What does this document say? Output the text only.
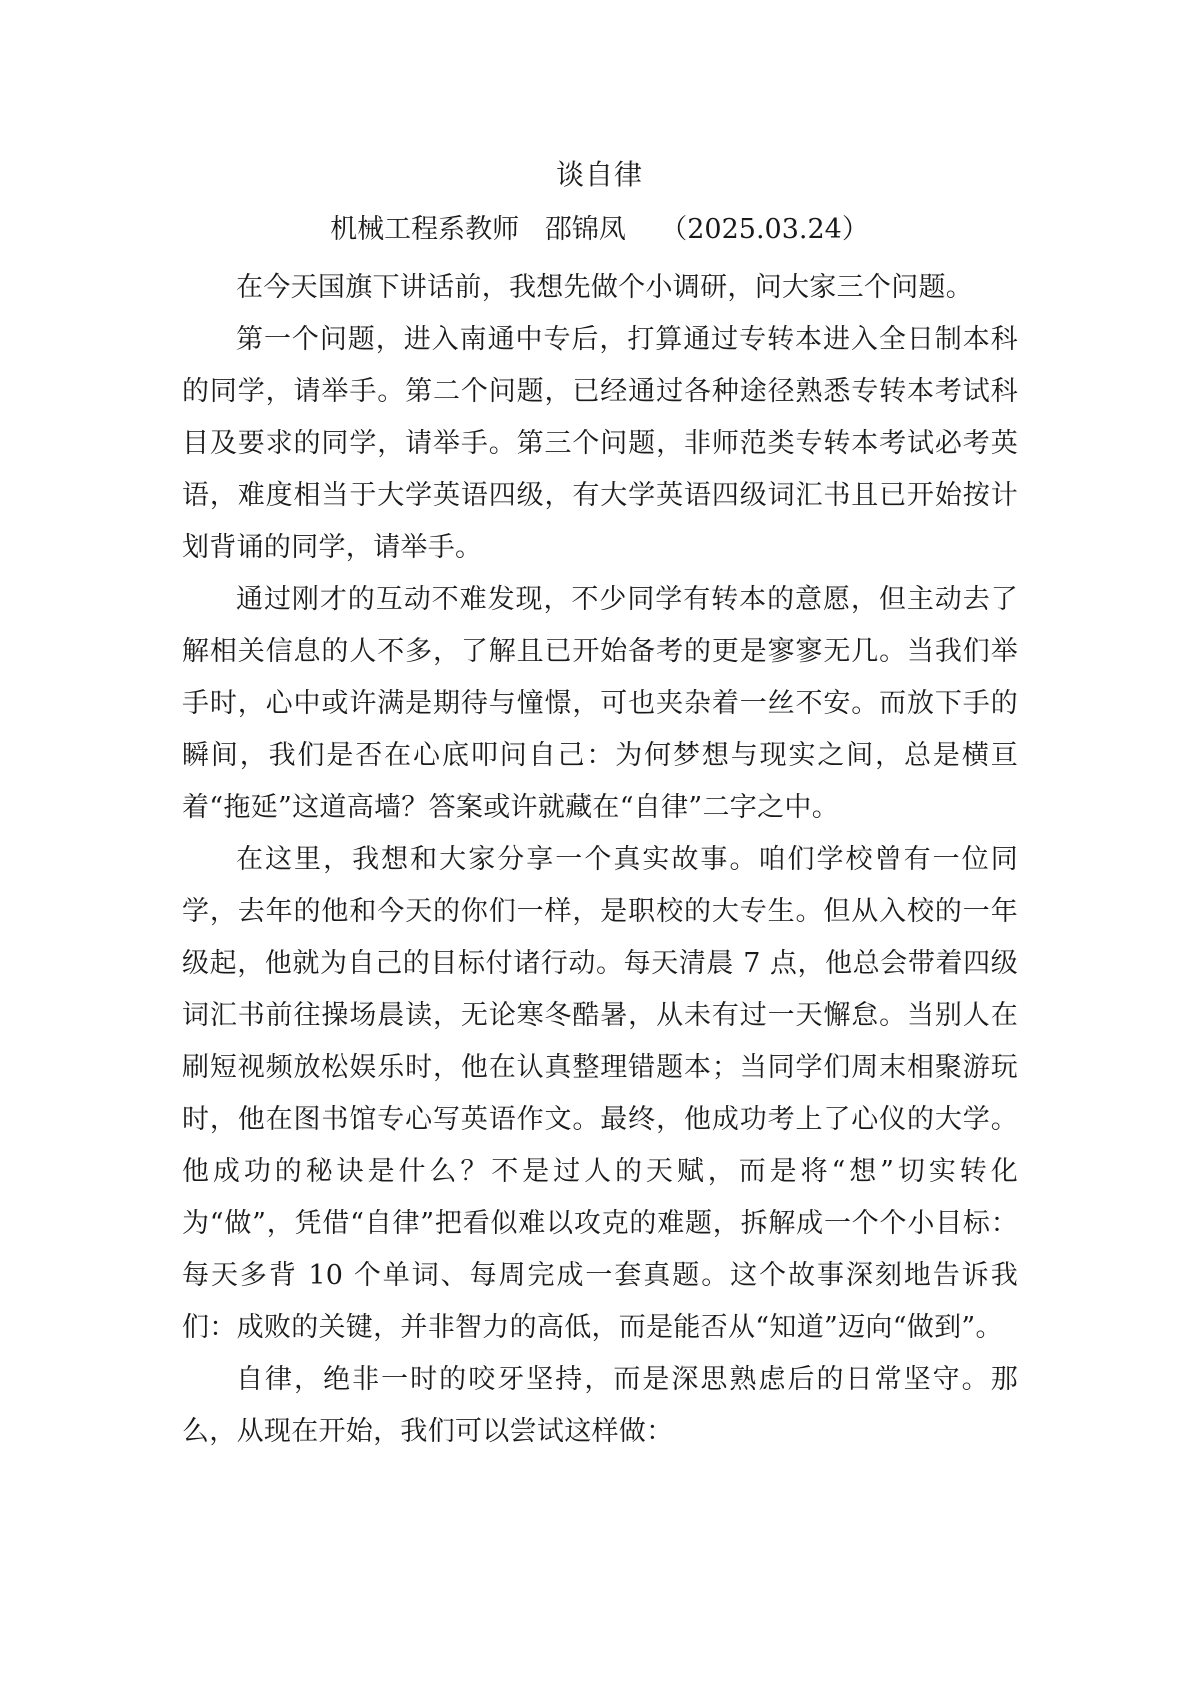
谈自律
机械工程系教师   邵锦凤    （2025.03.24）

在今天国旗下讲话前，我想先做个小调研，问大家三个问题。

第一个问题，进入南通中专后，打算通过专转本进入全日制本科的同学，请举手。第二个问题，已经通过各种途径熟悉专转本考试科目及要求的同学，请举手。第三个问题，非师范类专转本考试必考英语，难度相当于大学英语四级，有大学英语四级词汇书且已开始按计划背诵的同学，请举手。

通过刚才的互动不难发现，不少同学有转本的意愿，但主动去了解相关信息的人不多，了解且已开始备考的更是寥寥无几。当我们举手时，心中或许满是期待与憧憬，可也夹杂着一丝不安。而放下手的瞬间，我们是否在心底叩问自己：为何梦想与现实之间，总是横亘着“拖延”这道高墙？答案或许就藏在“自律”二字之中。

在这里，我想和大家分享一个真实故事。咱们学校曾有一位同学，去年的他和今天的你们一样，是职校的大专生。但从入校的一年级起，他就为自己的目标付诸行动。每天清晨 7 点，他总会带着四级词汇书前往操场晨读，无论寒冬酷暑，从未有过一天懈怠。当别人在刷短视频放松娱乐时，他在认真整理错题本；当同学们周末相聚游玩时，他在图书馆专心写英语作文。最终，他成功考上了心仪的大学。他成功的秘诀是什么？不是过人的天赋，而是将“想”切实转化为“做”，凭借“自律”把看似难以攻克的难题，拆解成一个个小目标：每天多背 10 个单词、每周完成一套真题。这个故事深刻地告诉我们：成败的关键，并非智力的高低，而是能否从“知道”迈向“做到”。

自律，绝非一时的咬牙坚持，而是深思熟虑后的日常坚守。那么，从现在开始，我们可以尝试这样做：
